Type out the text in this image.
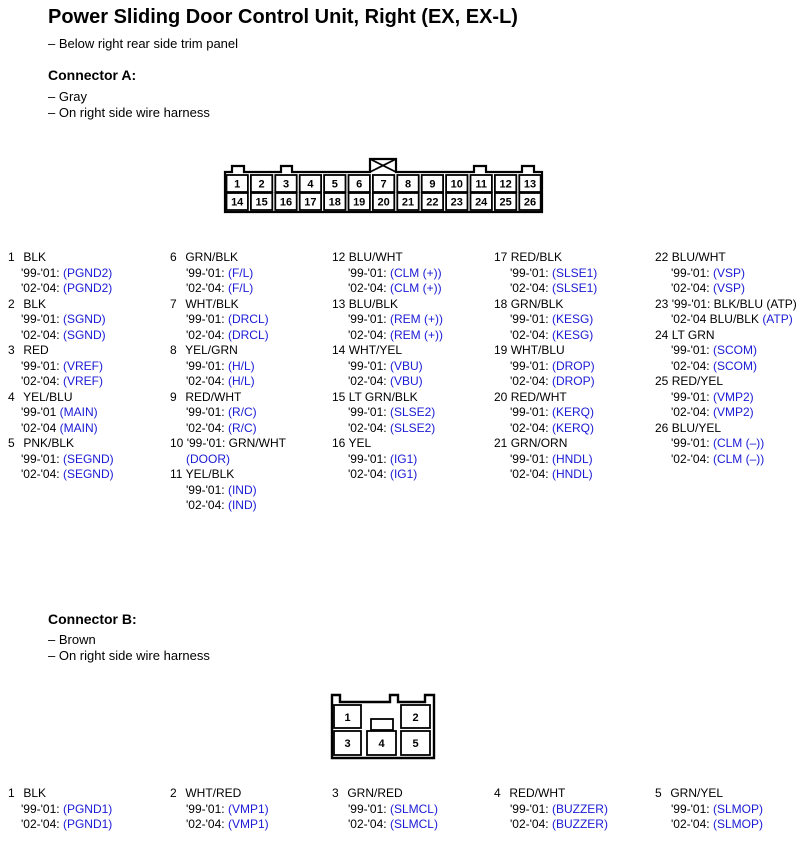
Power Sliding Door Control Unit, Right (EX, EX-L)
– Below right rear side trim panel
Connector A:
– Gray
– On right side wire harness
1 2 3 4 5 6 7 8 9 10 11 12 13
14 15 16 17 18 19 20 21 22 23 24 25 26
1 BLK
'99-'01: (PGND2)
'02-'04: (PGND2)
2 BLK
'99-'01: (SGND)
'02-'04: (SGND)
3 RED
'99-'01: (VREF)
'02-'04: (VREF)
4 YEL/BLU
'99-'01 (MAIN)
'02-'04 (MAIN)
5 PNK/BLK
'99-'01: (SEGND)
'02-'04: (SEGND)
6 GRN/BLK
'99-'01: (F/L)
'02-'04: (F/L)
7 WHT/BLK
'99-'01: (DRCL)
'02-'04: (DRCL)
8 YEL/GRN
'99-'01: (H/L)
'02-'04: (H/L)
9 RED/WHT
'99-'01: (R/C)
'02-'04: (R/C)
10 '99-'01: GRN/WHT
(DOOR)
11 YEL/BLK
'99-'01: (IND)
'02-'04: (IND)
12 BLU/WHT
'99-'01: (CLM (+))
'02-'04: (CLM (+))
13 BLU/BLK
'99-'01: (REM (+))
'02-'04: (REM (+))
14 WHT/YEL
'99-'01: (VBU)
'02-'04: (VBU)
15 LT GRN/BLK
'99-'01: (SLSE2)
'02-'04: (SLSE2)
16 YEL
'99-'01: (IG1)
'02-'04: (IG1)
17 RED/BLK
'99-'01: (SLSE1)
'02-'04: (SLSE1)
18 GRN/BLK
'99-'01: (KESG)
'02-'04: (KESG)
19 WHT/BLU
'99-'01: (DROP)
'02-'04: (DROP)
20 RED/WHT
'99-'01: (KERQ)
'02-'04: (KERQ)
21 GRN/ORN
'99-'01: (HNDL)
'02-'04: (HNDL)
22 BLU/WHT
'99-'01: (VSP)
'02-'04: (VSP)
23 '99-'01: BLK/BLU (ATP)
'02-'04 BLU/BLK (ATP)
24 LT GRN
'99-'01: (SCOM)
'02-'04: (SCOM)
25 RED/YEL
'99-'01: (VMP2)
'02-'04: (VMP2)
26 BLU/YEL
'99-'01: (CLM (–))
'02-'04: (CLM (–))
Connector B:
– Brown
– On right side wire harness
1	2
3	4	5
1 BLK
'99-'01: (PGND1)
'02-'04: (PGND1)
2 WHT/RED
'99-'01: (VMP1)
'02-'04: (VMP1)
3 GRN/RED
'99-'01: (SLMCL)
'02-'04: (SLMCL)
4 RED/WHT
'99-'01: (BUZZER)
'02-'04: (BUZZER)
5 GRN/YEL
'99-'01: (SLMOP)
'02-'04: (SLMOP)
